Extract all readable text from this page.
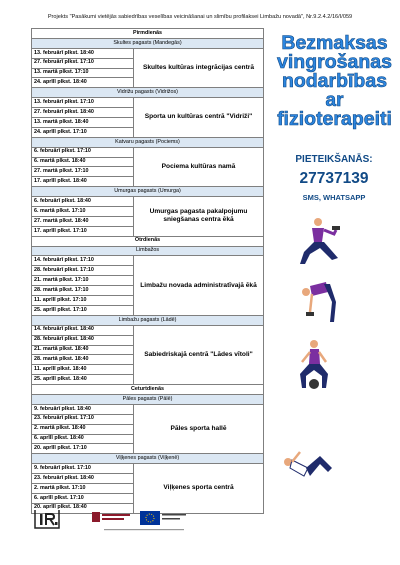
Projekts "Pasākumi vietējās sabiedrības veselības veicināšanai un slimību profilaksei Limbažu novadā", Nr.9.2.4.2/16/I/059
Pirmdienās	
Skultes pagasts (Mandegās)	
13. februārī plkst. 18:40	Skultes kultūras integrācijas centrā
27. februārī plkst. 17:10	
13. martā plkst. 17:10	
24. aprīlī plkst. 18:40	
Vidrižu pagasts (Vidrižos)	
13. februārī plkst. 17:10	Sporta un kultūras centrā "Vidriži"
27. februārī plkst. 18:40	
13. martā plkst. 18:40	
24. aprīlī plkst. 17:10	
Katvaru pagasts (Pociems)	
6. februārī plkst. 17:10	Pociema kultūras namā
6. martā plkst. 18:40	
27. martā plkst. 17:10	
17. aprīlī plkst. 18:40	
Umurgas pagasts (Umurga)	
6. februārī plkst. 18:40	Umurgas pagasta pakalpojumu sniegšanas centra ēkā
6. martā plkst. 17:10	
27. martā plkst. 18:40	
17. aprīlī plkst. 17:10	
Otrdienās	
Limbažos	
14. februārī plkst. 17:10	Limbažu novada administratīvajā ēkā
28. februārī plkst. 17:10	
21. martā plkst. 17:10	
28. martā plkst. 17:10	
11. aprīlī plkst. 17:10	
25. aprīlī plkst. 17:10	
Limbažu pagasts (Lādē)	
14. februārī plkst. 18:40	Sabiedriskajā centrā "Lādes vītoli"
28. februārī plkst. 18:40	
21. martā plkst. 18:40	
28. martā plkst. 18:40	
11. aprīlī plkst. 18:40	
25. aprīlī plkst. 18:40	
Ceturtdienās	
Pāles pagasts (Pālē)	
9. februārī plkst. 18:40	Pāles sporta hallē
23. februārī plkst. 17:10	
2. martā plkst. 18:40	
6. aprīlī plkst. 18:40	
20. aprīlī plkst. 17:10	
Viļķenes pagasts (Viļķenē)	
9. februārī plkst. 17:10	Viļķenes sporta centrā
23. februārī plkst. 18:40	
2. martā plkst. 17:10	
6. aprīlī plkst. 17:10	
20. aprīlī plkst. 18:40	
Bezmaksas
vingrošanas
nodarbības
ar
fizioterapeiti
PIETEIKŠANĀS:
27737139
SMS, WHATSAPP
